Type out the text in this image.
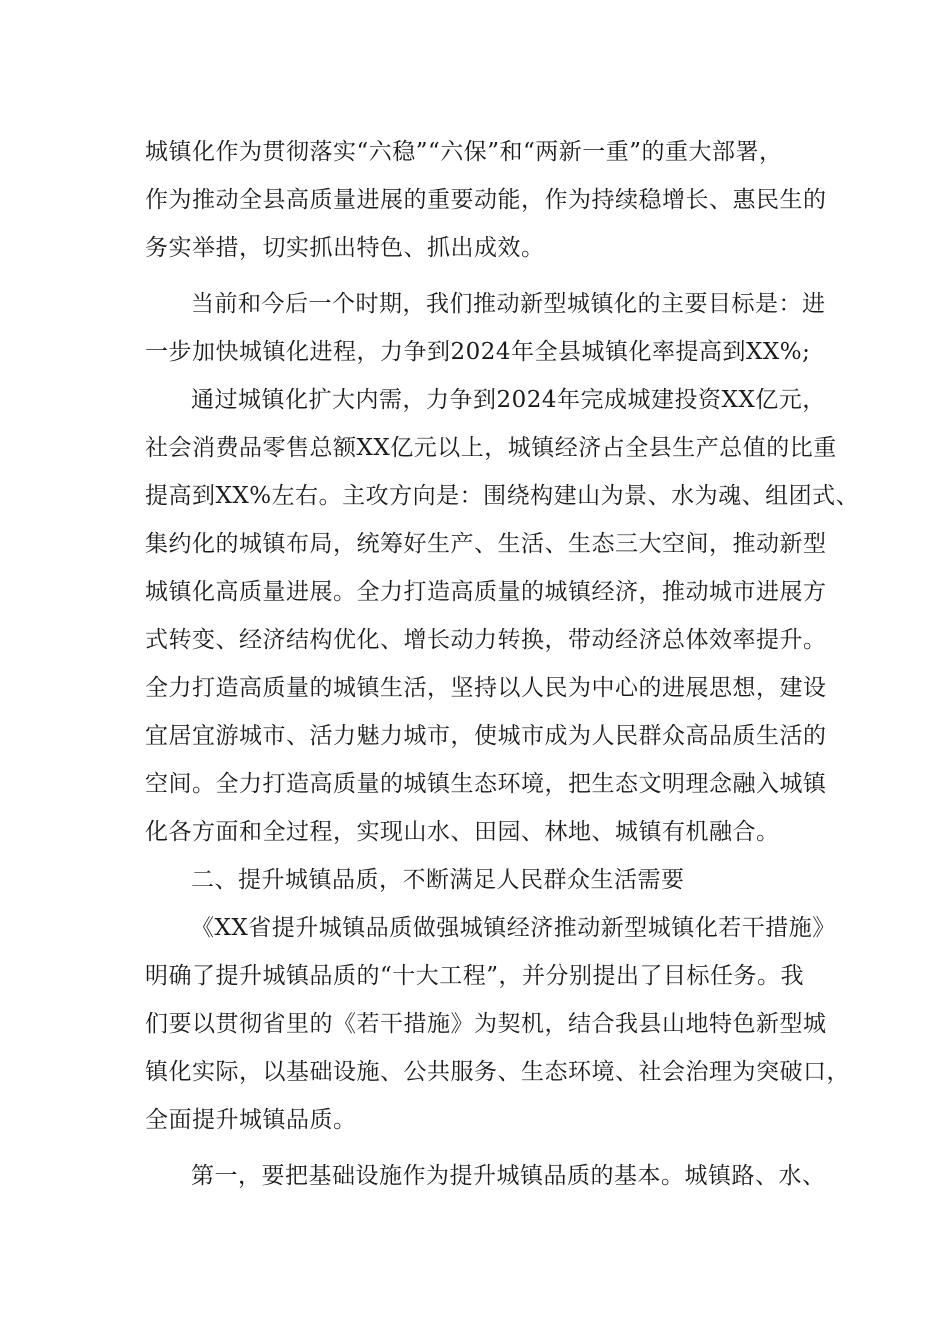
城镇化作为贯彻落实“六稳”“六保”和“两新一重”的重大部署，
作为推动全县高质量进展的重要动能，作为持续稳增长、惠民生的
务实举措，切实抓出特色、抓出成效。
当前和今后一个时期，我们推动新型城镇化的主要目标是：进
一步加快城镇化进程，力争到2024年全县城镇化率提高到XX%;
通过城镇化扩大内需，力争到2024年完成城建投资XX亿元，
社会消费品零售总额XX亿元以上，城镇经济占全县生产总值的比重
提高到XX%左右。主攻方向是：围绕构建山为景、水为魂、组团式、
集约化的城镇布局，统筹好生产、生活、生态三大空间，推动新型
城镇化高质量进展。全力打造高质量的城镇经济，推动城市进展方
式转变、经济结构优化、增长动力转换，带动经济总体效率提升。
全力打造高质量的城镇生活，坚持以人民为中心的进展思想，建设
宜居宜游城市、活力魅力城市，使城市成为人民群众高品质生活的
空间。全力打造高质量的城镇生态环境，把生态文明理念融入城镇
化各方面和全过程，实现山水、田园、林地、城镇有机融合。
二、提升城镇品质，不断满足人民群众生活需要
《XX省提升城镇品质做强城镇经济推动新型城镇化若干措施》
明确了提升城镇品质的“十大工程”，并分别提出了目标任务。我
们要以贯彻省里的《若干措施》为契机，结合我县山地特色新型城
镇化实际，以基础设施、公共服务、生态环境、社会治理为突破口，
全面提升城镇品质。
第一，要把基础设施作为提升城镇品质的基本。城镇路、水、
